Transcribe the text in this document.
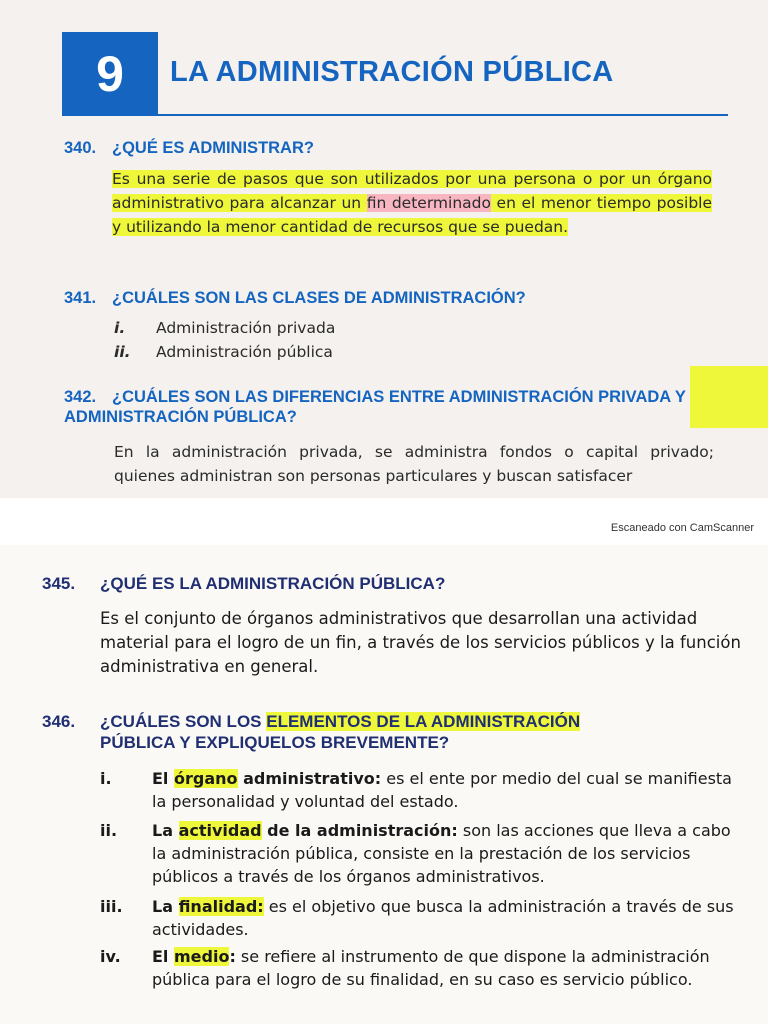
9 LA ADMINISTRACIÓN PÚBLICA
340. ¿QUÉ ES ADMINISTRAR?
Es una serie de pasos que son utilizados por una persona o por un órgano administrativo para alcanzar un fin determinado en el menor tiempo posible y utilizando la menor cantidad de recursos que se puedan.
341. ¿CUÁLES SON LAS CLASES DE ADMINISTRACIÓN?
i.	Administración privada
ii.	Administración pública
342. ¿CUÁLES SON LAS DIFERENCIAS ENTRE ADMINISTRACIÓN PRIVADA Y ADMINISTRACIÓN PÚBLICA?
En la administración privada, se administra fondos o capital privado; quienes administran son personas particulares y buscan satisfacer
Escaneado con CamScanner
345. ¿QUÉ ES LA ADMINISTRACIÓN PÚBLICA?
Es el conjunto de órganos administrativos que desarrollan una actividad material para el logro de un fin, a través de los servicios públicos y la función administrativa en general.
346. ¿CUÁLES SON LOS ELEMENTOS DE LA ADMINISTRACIÓN
PÚBLICA Y EXPLIQUELOS BREVEMENTE?
i.	El órgano administrativo: es el ente por medio del cual se manifiesta la personalidad y voluntad del estado.
ii.	La actividad de la administración: son las acciones que lleva a cabo la administración pública, consiste en la prestación de los servicios públicos a través de los órganos administrativos.
iii.	La finalidad: es el objetivo que busca la administración a través de sus actividades.
iv.	El medio: se refiere al instrumento de que dispone la administración pública para el logro de su finalidad, en su caso es servicio público.
